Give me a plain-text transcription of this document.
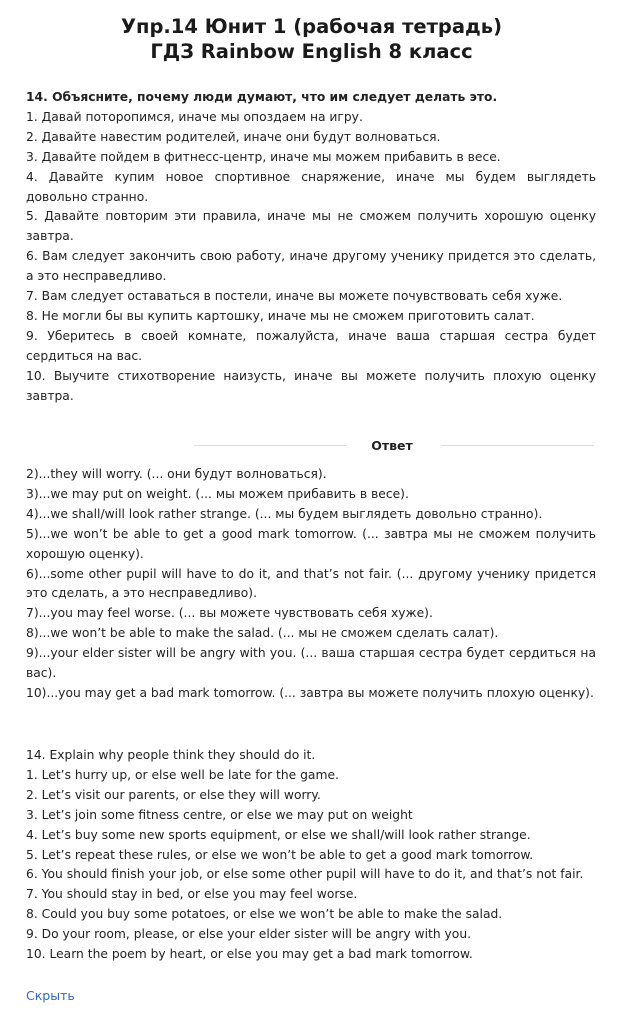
Упр.14 Юнит 1 (рабочая тетрадь)
ГДЗ Rainbow English 8 класс

14. Объясните, почему люди думают, что им следует делать это.

1. Давай поторопимся, иначе мы опоздаем на игру.

2. Давайте навестим родителей, иначе они будут волноваться.

3. Давайте пойдем в фитнесс-центр, иначе мы можем прибавить в весе.

4. Давайте купим новое спортивное снаряжение, иначе мы будем выглядеть довольно странно.

5. Давайте повторим эти правила, иначе мы не сможем получить хорошую оценку завтра.

6. Вам следует закончить свою работу, иначе другому ученику придется это сделать, а это несправедливо.

7. Вам следует оставаться в постели, иначе вы можете почувствовать себя хуже.

8. Не могли бы вы купить картошку, иначе мы не сможем приготовить салат.

9. Уберитесь в своей комнате, пожалуйста, иначе ваша старшая сестра будет сердиться на вас.

10. Выучите стихотворение наизусть, иначе вы можете получить плохую оценку завтра.

Ответ

2)...they will worry. (... они будут волноваться).

3)...we may put on weight. (... мы можем прибавить в весе).

4)...we shall/will look rather strange. (... мы будем выглядеть довольно странно).

5)...we won’t be able to get a good mark tomorrow. (... завтра мы не сможем получить хорошую оценку).

6)...some other pupil will have to do it, and that’s not fair. (... другому ученику придется это сделать, а это несправедливо).

7)...you may feel worse. (... вы можете чувствовать себя хуже).

8)...we won’t be able to make the salad. (... мы не сможем сделать салат).

9)...your elder sister will be angry with you. (... ваша старшая сестра будет сердиться на вас).

10)...you may get a bad mark tomorrow. (... завтра вы можете получить плохую оценку).

14. Explain why people think they should do it.

1. Let’s hurry up, or else well be late for the game.

2. Let’s visit our parents, or else they will worry.

3. Let’s join some fitness centre, or else we may put on weight

4. Let’s buy some new sports equipment, or else we shall/will look rather strange.

5. Let’s repeat these rules, or else we won’t be able to get a good mark tomorrow.

6. You should finish your job, or else some other pupil will have to do it, and that’s not fair.

7. You should stay in bed, or else you may feel worse.

8. Could you buy some potatoes, or else we won’t be able to make the salad.

9. Do your room, please, or else your elder sister will be angry with you.

10. Learn the poem by heart, or else you may get a bad mark tomorrow.

Скрыть
